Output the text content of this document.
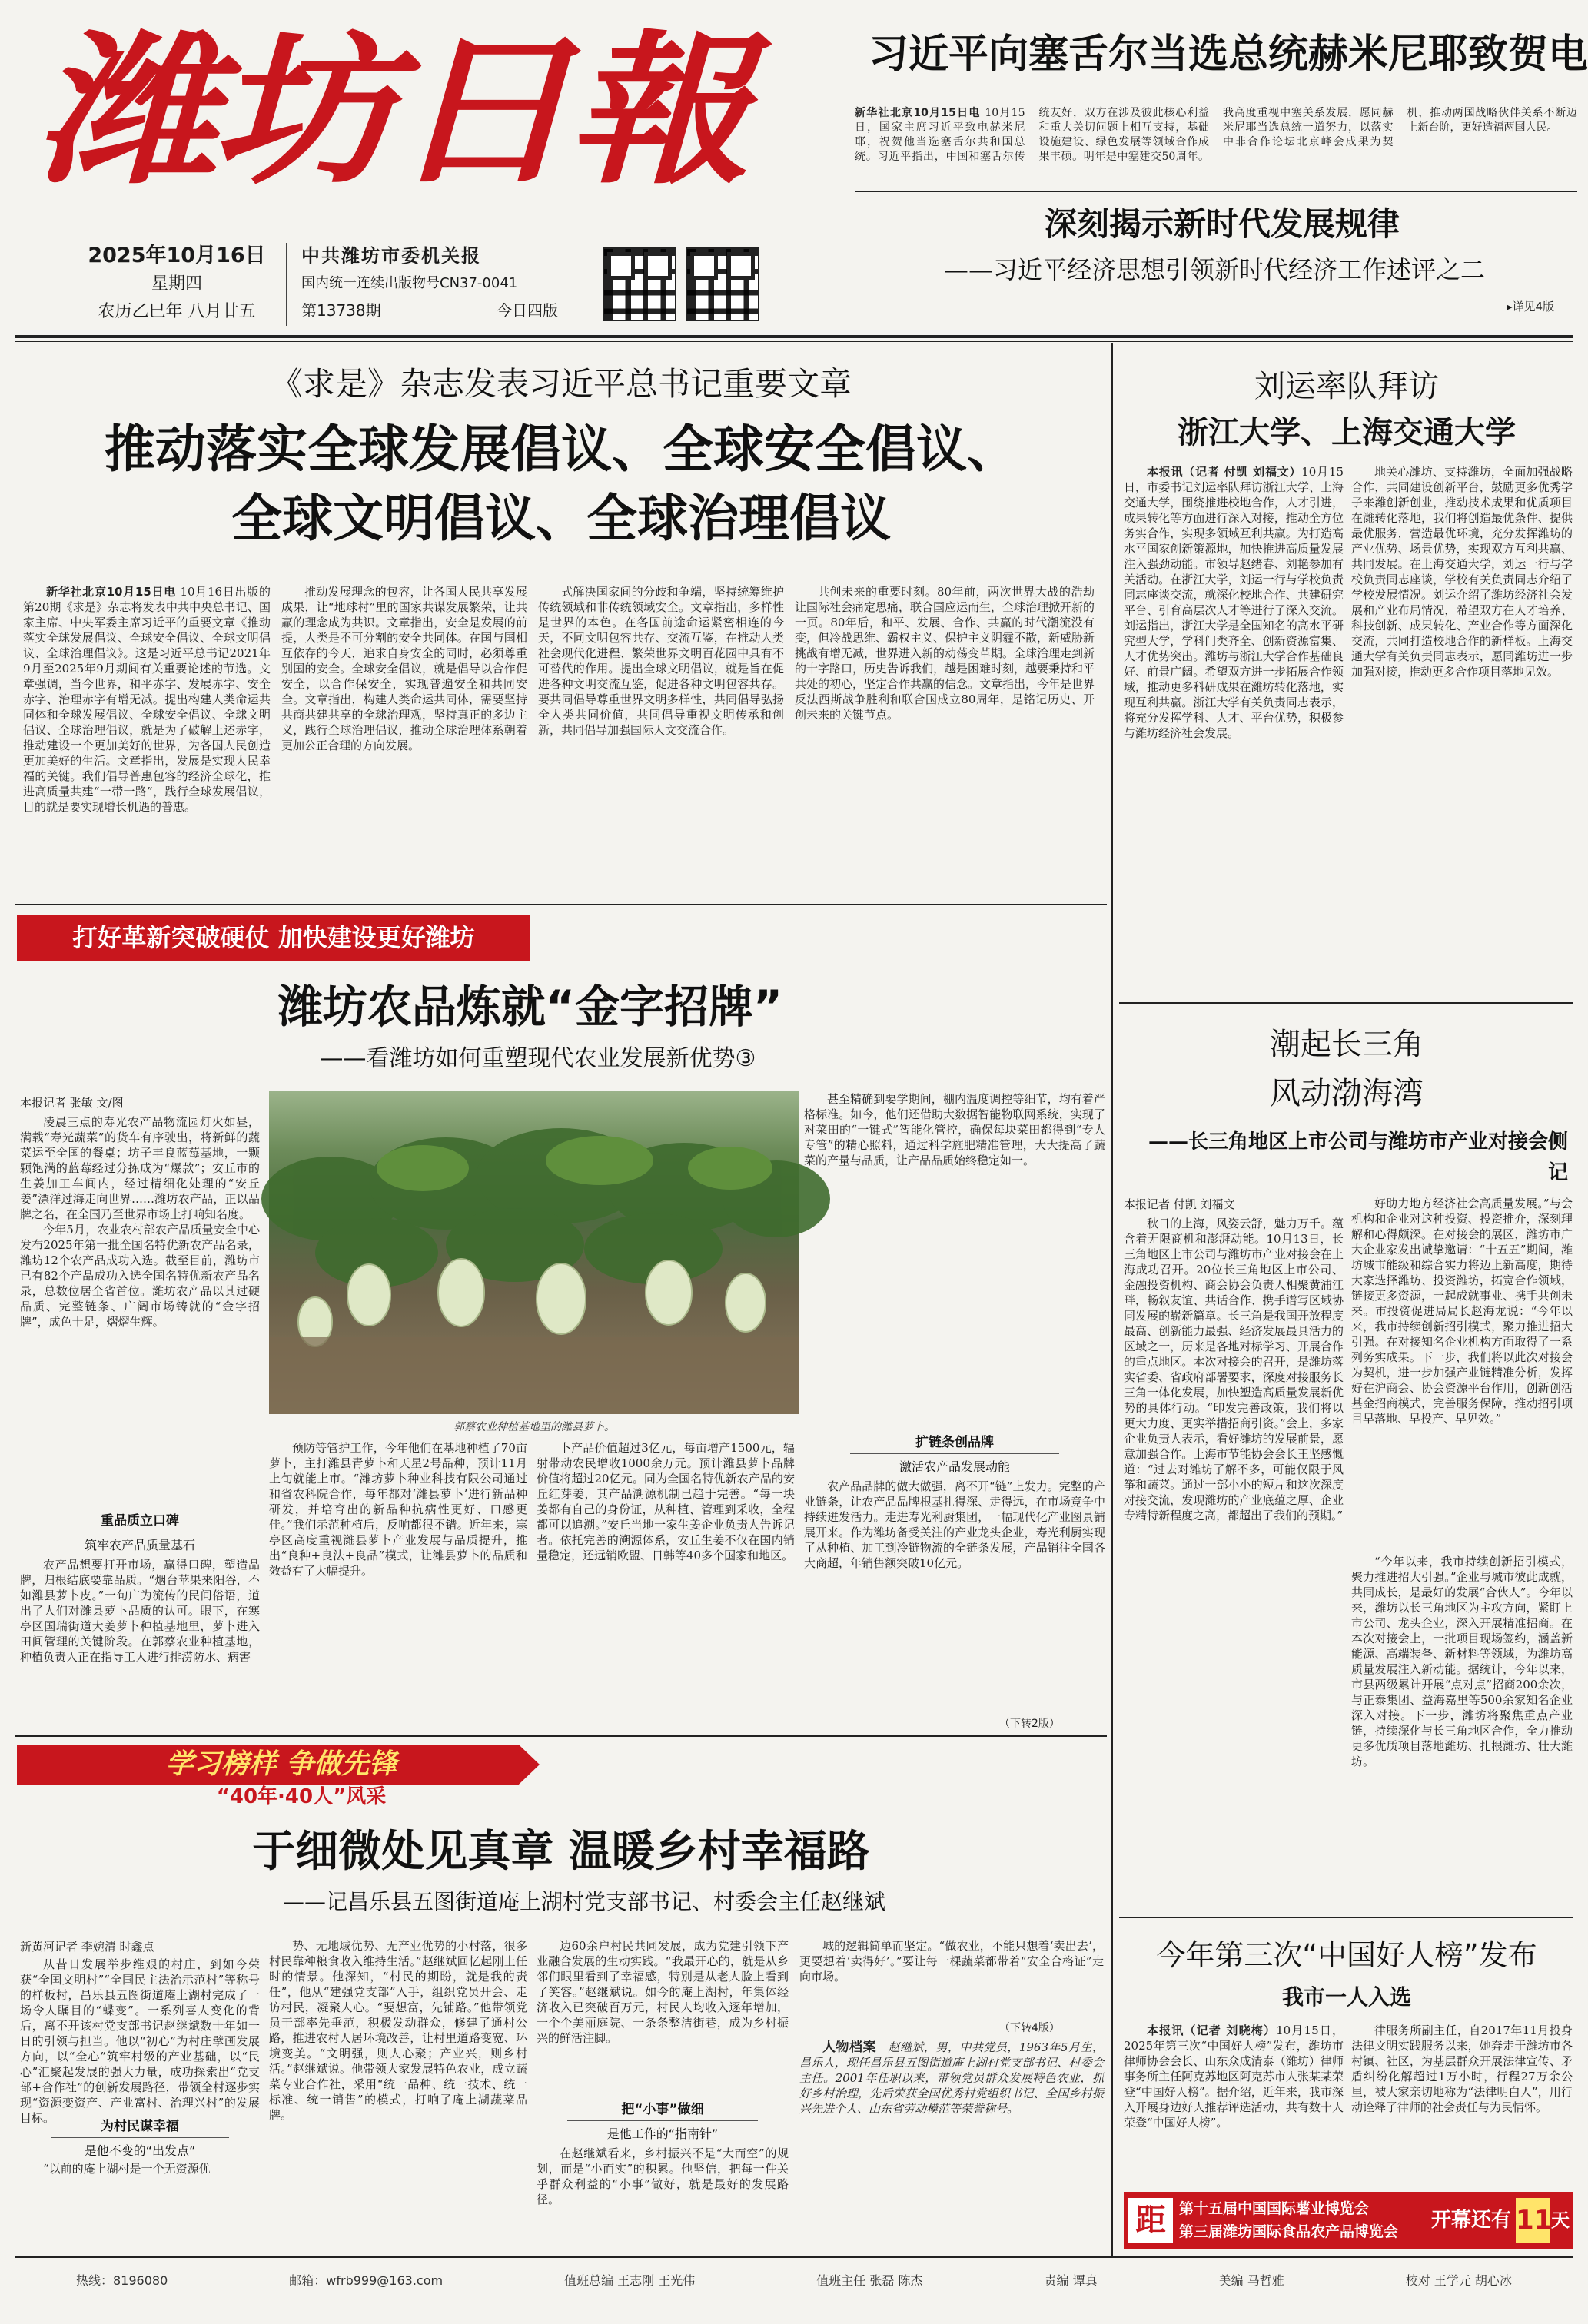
潍坊日報
2025年10月16日
星期四
农历乙巳年 八月廿五
中共潍坊市委机关报
国内统一连续出版物号CN37-0041
第13738期	今日四版
习近平向塞舌尔当选总统赫米尼耶致贺电
新华社北京10月15日电 10月15日，国家主席习近平致电赫米尼耶，祝贺他当选塞舌尔共和国总统。习近平指出，中国和塞舌尔传统友好，双方在涉及彼此核心利益和重大关切问题上相互支持，基础设施建设、绿色发展等领域合作成果丰硕。明年是中塞建交50周年。我高度重视中塞关系发展，愿同赫米尼耶当选总统一道努力，以落实中非合作论坛北京峰会成果为契机，推动两国战略伙伴关系不断迈上新台阶，更好造福两国人民。
深刻揭示新时代发展规律
——习近平经济思想引领新时代经济工作述评之二
▸详见4版
《求是》杂志发表习近平总书记重要文章
推动落实全球发展倡议、全球安全倡议、
全球文明倡议、全球治理倡议

新华社北京10月15日电 10月16日出版的第20期《求是》杂志将发表中共中央总书记、国家主席、中央军委主席习近平的重要文章《推动落实全球发展倡议、全球安全倡议、全球文明倡议、全球治理倡议》。这是习近平总书记2021年9月至2025年9月期间有关重要论述的节选。文章强调，当今世界，和平赤字、发展赤字、安全赤字、治理赤字有增无减。提出构建人类命运共同体和全球发展倡议、全球安全倡议、全球文明倡议、全球治理倡议，就是为了破解上述赤字，推动建设一个更加美好的世界，为各国人民创造更加美好的生活。文章指出，发展是实现人民幸福的关键。我们倡导普惠包容的经济全球化，推进高质量共建“一带一路”，践行全球发展倡议，目的就是要实现增长机遇的普惠。

推动发展理念的包容，让各国人民共享发展成果，让“地球村”里的国家共谋发展繁荣，让共赢的理念成为共识。文章指出，安全是发展的前提，人类是不可分割的安全共同体。在国与国相互依存的今天，追求自身安全的同时，必须尊重别国的安全。全球安全倡议，就是倡导以合作促安全，以合作保安全，实现普遍安全和共同安全。文章指出，构建人类命运共同体，需要坚持共商共建共享的全球治理观，坚持真正的多边主义，践行全球治理倡议，推动全球治理体系朝着更加公正合理的方向发展。

式解决国家间的分歧和争端，坚持统筹维护传统领域和非传统领域安全。文章指出，多样性是世界的本色。在各国前途命运紧密相连的今天，不同文明包容共存、交流互鉴，在推动人类社会现代化进程、繁荣世界文明百花园中具有不可替代的作用。提出全球文明倡议，就是旨在促进各种文明交流互鉴，促进各种文明包容共存。要共同倡导尊重世界文明多样性，共同倡导弘扬全人类共同价值，共同倡导重视文明传承和创新，共同倡导加强国际人文交流合作。

共创未来的重要时刻。80年前，两次世界大战的浩劫让国际社会痛定思痛，联合国应运而生，全球治理掀开新的一页。80年后，和平、发展、合作、共赢的时代潮流没有变，但冷战思维、霸权主义、保护主义阴霾不散，新威胁新挑战有增无减，世界进入新的动荡变革期。全球治理走到新的十字路口，历史告诉我们，越是困难时刻，越要秉持和平共处的初心，坚定合作共赢的信念。文章指出，今年是世界反法西斯战争胜利和联合国成立80周年，是铭记历史、开创未来的关键节点。

刘运率队拜访
浙江大学、上海交通大学

本报讯（记者 付凯 刘福文）10月15日，市委书记刘运率队拜访浙江大学、上海交通大学，围绕推进校地合作，人才引进，成果转化等方面进行深入对接，推动全方位务实合作，实现多领域互利共赢。为打造高水平国家创新策源地，加快推进高质量发展注入强劲动能。市领导赵绪春、刘艳参加有关活动。在浙江大学，刘运一行与学校负责同志座谈交流，就深化校地合作、共建研究平台、引育高层次人才等进行了深入交流。刘运指出，浙江大学是全国知名的高水平研究型大学，学科门类齐全、创新资源富集、人才优势突出。潍坊与浙江大学合作基础良好、前景广阔。希望双方进一步拓展合作领域，推动更多科研成果在潍坊转化落地，实现互利共赢。浙江大学有关负责同志表示，将充分发挥学科、人才、平台优势，积极参与潍坊经济社会发展。

地关心潍坊、支持潍坊，全面加强战略合作，共同建设创新平台，鼓励更多优秀学子来潍创新创业，推动技术成果和优质项目在潍转化落地，我们将创造最优条件、提供最优服务，营造最优环境，充分发挥潍坊的产业优势、场景优势，实现双方互利共赢、共同发展。在上海交通大学，刘运一行与学校负责同志座谈，学校有关负责同志介绍了学校发展情况。刘运介绍了潍坊经济社会发展和产业布局情况，希望双方在人才培养、科技创新、成果转化、产业合作等方面深化交流，共同打造校地合作的新样板。上海交通大学有关负责同志表示，愿同潍坊进一步加强对接，推动更多合作项目落地见效。

打好革新突破硬仗 加快建设更好潍坊
潍坊农品炼就“金字招牌”
——看潍坊如何重塑现代农业发展新优势③
本报记者 张敏 文/图

凌晨三点的寿光农产品物流园灯火如昼，满载“寿光蔬菜”的货车有序驶出，将新鲜的蔬菜运至全国的餐桌；坊子丰良蓝莓基地，一颗颗饱满的蓝莓经过分拣成为“爆款”；安丘市的生姜加工车间内，经过精细化处理的“安丘姜”漂洋过海走向世界……潍坊农产品，正以品牌之名，在全国乃至世界市场上打响知名度。

今年5月，农业农村部农产品质量安全中心发布2025年第一批全国名特优新农产品名录，潍坊12个农产品成功入选。截至目前，潍坊市已有82个产品成功入选全国名特优新农产品名录，总数位居全省首位。潍坊农产品以其过硬品质、完整链条、广阔市场铸就的“金字招牌”，成色十足，熠熠生辉。

郭蔡农业种植基地里的潍县萝卜。

甚至精确到要学期间，棚内温度调控等细节，均有着严格标准。如今，他们还借助大数据智能物联网系统，实现了对菜田的“一键式”智能化管控，确保每块菜田都得到“专人专管”的精心照料，通过科学施肥精准管理，大大提高了蔬菜的产量与品质，让产品品质始终稳定如一。

重品质立口碑
筑牢农产品质量基石

农产品想要打开市场，赢得口碑，塑造品牌，归根结底要靠品质。“烟台苹果来阳谷，不如潍县萝卜皮。”一句广为流传的民间俗语，道出了人们对潍县萝卜品质的认可。眼下，在寒亭区国瑞街道大姜萝卜种植基地里，萝卜进入田间管理的关键阶段。在郭蔡农业种植基地，种植负责人正在指导工人进行排涝防水、病害

预防等管护工作，今年他们在基地种植了70亩萝卜，主打潍县青萝卜和天星2号品种，预计11月上旬就能上市。“潍坊萝卜种业科技有限公司通过和省农科院合作，每年都对‘潍县萝卜’进行新品种研发，并培育出的新品种抗病性更好、口感更佳。”我们示范种植后，反响都很不错。近年来，寒亭区高度重视潍县萝卜产业发展与品质提升，推出“良种+良法+良品”模式，让潍县萝卜的品质和效益有了大幅提升。

卜产品价值超过3亿元，每亩增产1500元，辐射带动农民增收1000余万元。预计潍县萝卜品牌价值将超过20亿元。同为全国名特优新农产品的安丘红芽姜，其产品溯源机制已趋于完善。“每一块姜都有自己的身份证，从种植、管理到采收，全程都可以追溯。”安丘当地一家生姜企业负责人告诉记者。依托完善的溯源体系，安丘生姜不仅在国内销量稳定，还远销欧盟、日韩等40多个国家和地区。

扩链条创品牌
激活农产品发展动能

农产品品牌的做大做强，离不开“链”上发力。完整的产业链条，让农产品品牌根基扎得深、走得远，在市场竞争中持续迸发活力。走进寿光利厨集团，一幅现代化产业图景铺展开来。作为潍坊备受关注的产业龙头企业，寿光利厨实现了从种植、加工到冷链物流的全链条发展，产品销往全国各大商超，年销售额突破10亿元。

（下转2版）
潮起长三角
风动渤海湾
——长三角地区上市公司与潍坊市产业对接会侧记
本报记者 付凯 刘福文

秋日的上海，风姿云舒，魅力万千。蕴含着无限商机和澎湃动能。10月13日，长三角地区上市公司与潍坊市产业对接会在上海成功召开。20位长三角地区上市公司、金融投资机构、商会协会负责人相聚黄浦江畔，畅叙友谊、共话合作、携手谱写区域协同发展的崭新篇章。长三角是我国开放程度最高、创新能力最强、经济发展最具活力的区域之一，历来是各地对标学习、开展合作的重点地区。本次对接会的召开，是潍坊落实省委、省政府部署要求，深度对接服务长三角一体化发展，加快塑造高质量发展新优势的具体行动。“印发完善政策，我们将以更大力度、更实举措招商引资。”会上，多家企业负责人表示，看好潍坊的发展前景，愿意加强合作。上海市节能协会会长王坚感慨道：“过去对潍坊了解不多，可能仅限于风筝和蔬菜。通过一部小小的短片和这次深度对接交流，发现潍坊的产业底蕴之厚、企业专精特新程度之高，都超出了我们的预期。”

好助力地方经济社会高质量发展。”与会机构和企业对这种投资、投资推介，深刻理解和心得颇深。在对接会的展区，潍坊市广大企业家发出诚挚邀请：“十五五”期间，潍坊城市能级和综合实力将迈上新高度，期待大家选择潍坊、投资潍坊，拓宽合作领域，链接更多资源，一起成就事业、携手共创未来。市投资促进局局长赵海龙说：“今年以来，我市持续创新招引模式，聚力推进招大引强。在对接知名企业机构方面取得了一系列务实成果。下一步，我们将以此次对接会为契机，进一步加强产业链精准分析，发挥好在沪商会、协会资源平台作用，创新创活基金招商模式，完善服务保障，推动招引项目早落地、早投产、早见效。”

“今年以来，我市持续创新招引模式，聚力推进招大引强。”企业与城市彼此成就，共同成长，是最好的发展“合伙人”。今年以来，潍坊以长三角地区为主攻方向，紧盯上市公司、龙头企业，深入开展精准招商。在本次对接会上，一批项目现场签约，涵盖新能源、高端装备、新材料等领域，为潍坊高质量发展注入新动能。据统计，今年以来，市县两级累计开展“点对点”招商200余次，与正泰集团、益海嘉里等500余家知名企业深入对接。下一步，潍坊将聚焦重点产业链，持续深化与长三角地区合作，全力推动更多优质项目落地潍坊、扎根潍坊、壮大潍坊。

学习榜样 争做先锋
“40年·40人”风采
于细微处见真章 温暖乡村幸福路
——记昌乐县五图街道庵上湖村党支部书记、村委会主任赵继斌
新黄河记者 李婉清 时鑫点

从昔日发展举步维艰的村庄，到如今荣获“全国文明村”“全国民主法治示范村”等称号的样板村，昌乐县五图街道庵上湖村完成了一场令人瞩目的“蝶变”。一系列喜人变化的背后，离不开该村党支部书记赵继斌数十年如一日的引领与担当。他以“初心”为村庄擘画发展方向，以“全心”筑牢村级的产业基础，以“民心”汇聚起发展的强大力量，成功探索出“党支部+合作社”的创新发展路径，带领全村逐步实现“资源变资产、产业富村、治理兴村”的发展目标。

为村民谋幸福
是他不变的“出发点”

“以前的庵上湖村是一个无资源优

势、无地域优势、无产业优势的小村落，很多村民靠种粮食收入维持生活。”赵继斌回忆起刚上任时的情景。他深知，“村民的期盼，就是我的责任”，他从“建强党支部”入手，组织党员开会、走访村民，凝聚人心。“要想富，先铺路。”他带领党员干部率先垂范，积极发动群众，修建了通村公路，推进农村人居环境改善，让村里道路变宽、环境变美。“文明强，则人心聚；产业兴，则乡村活。”赵继斌说。他带领大家发展特色农业，成立蔬菜专业合作社，采用“统一品种、统一技术、统一标准、统一销售”的模式，打响了庵上湖蔬菜品牌。

边60余户村民共同发展，成为党建引领下产业融合发展的生动实践。“我最开心的，就是从乡邻们眼里看到了幸福感，特别是从老人脸上看到了笑容。”赵继斌说。如今的庵上湖村，年集体经济收入已突破百万元，村民人均收入逐年增加，一个个美丽庭院、一条条整洁街巷，成为乡村振兴的鲜活注脚。

把“小事”做细
是他工作的“指南针”

在赵继斌看来，乡村振兴不是“大而空”的规划，而是“小而实”的积累。他坚信，把每一件关乎群众利益的“小事”做好，就是最好的发展路径。

城的逻辑简单而坚定。“做农业，不能只想着‘卖出去’，更要想着‘卖得好’。”要让每一棵蔬菜都带着“安全合格证”走向市场。

（下转4版）

人物档案　 赵继斌，男，中共党员，1963年5月生，昌乐人，现任昌乐县五图街道庵上湖村党支部书记、村委会主任。2001年任职以来，带领党员群众发展特色农业，抓好乡村治理，先后荣获全国优秀村党组织书记、全国乡村振兴先进个人、山东省劳动模范等荣誉称号。

今年第三次“中国好人榜”发布
我市一人入选

本报讯（记者 刘晓梅）10月15日，2025年第三次“中国好人榜”发布，潍坊市律师协会会长、山东众成清泰（潍坊）律师事务所主任阿克苏地区阿克苏市人张某某荣登“中国好人榜”。据介绍，近年来，我市深入开展身边好人推荐评选活动，共有数十人荣登“中国好人榜”。

律服务所副主任，自2017年11月投身法律文明实践服务以来，她奔走于潍坊市各村镇、社区，为基层群众开展法律宣传、矛盾纠纷化解超过1万小时，行程27万余公里，被大家亲切地称为“法律明白人”，用行动诠释了律师的社会责任与为民情怀。

距 第十五届中国国际薯业博览会
第三届潍坊国际食品农产品博览会 开幕还有 11
天
热线：8196080	邮箱：wfrb999@163.com	值班总编 王志刚 王光伟	值班主任 张磊 陈杰	责编 谭真	美编 马哲雅	校对 王学元 胡心冰
